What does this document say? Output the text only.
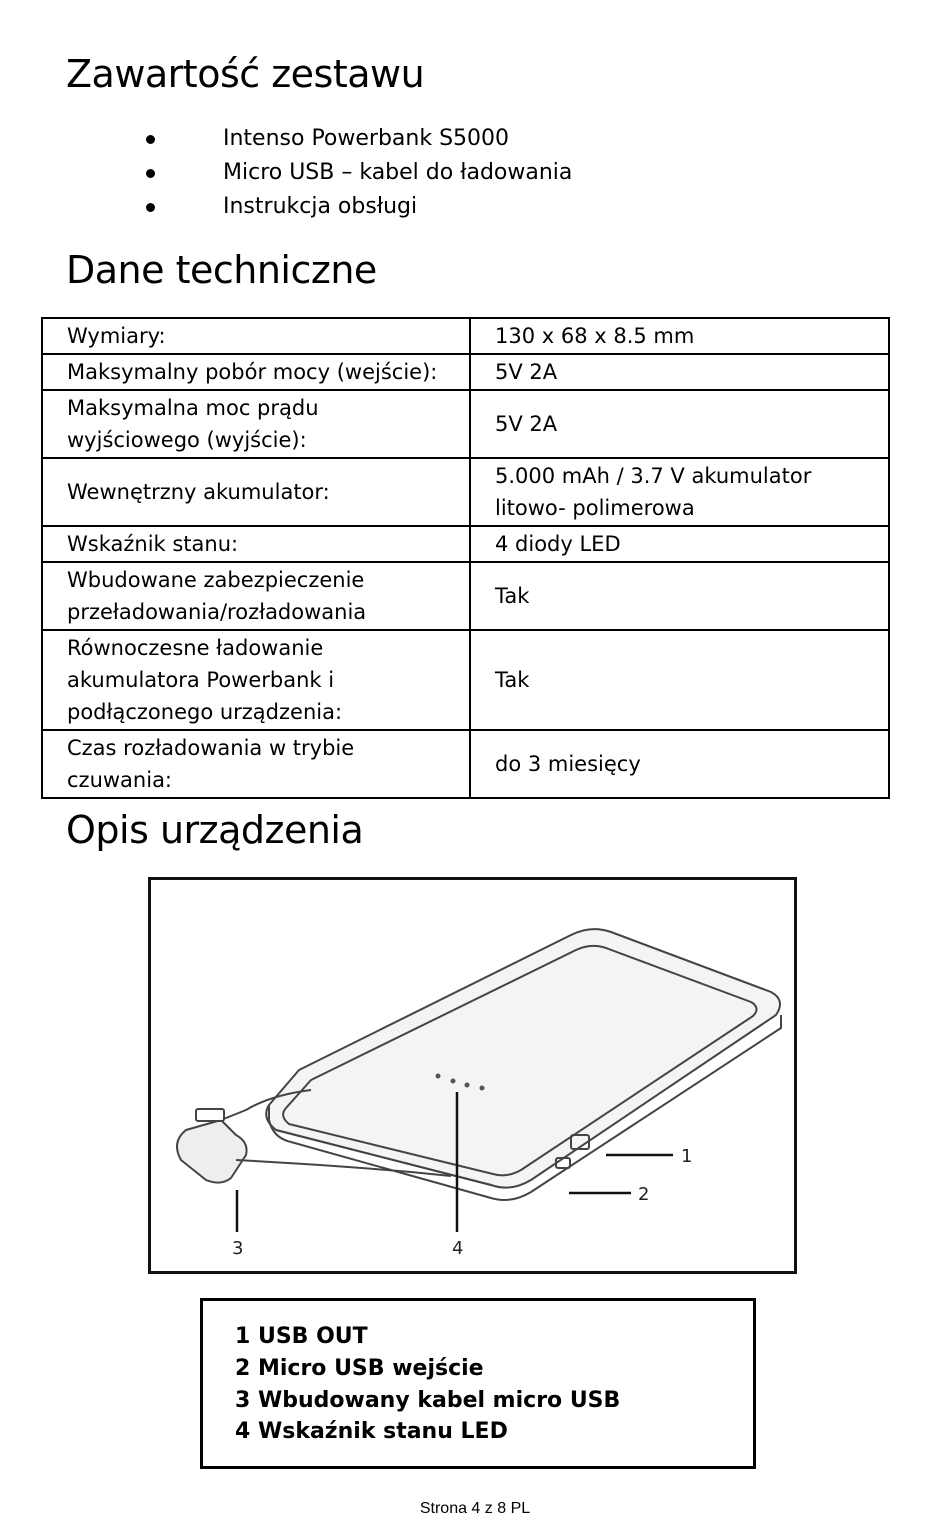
Zawartość zestawu
Intenso Powerbank S5000
Micro USB – kabel do ładowania
Instrukcja obsługi
Dane techniczne
Wymiary:	130 x 68 x 8.5 mm
Maksymalny pobór mocy (wejście):	5V 2A
Maksymalna moc prądu wyjściowego (wyjście):	5V 2A
Wewnętrzny akumulator:	5.000 mAh / 3.7 V akumulator litowo- polimerowa
Wskaźnik stanu:	4 diody LED
Wbudowane zabezpieczenie przeładowania/rozładowania	Tak
Równoczesne ładowanie akumulatora Powerbank i podłączonego urządzenia:	Tak
Czas rozładowania w trybie czuwania:	do 3 miesięcy
Opis urządzenia
1
2
3	4
1 USB OUT
2 Micro USB wejście
3 Wbudowany kabel micro USB
4 Wskaźnik stanu LED
Strona 4 z 8 PL
